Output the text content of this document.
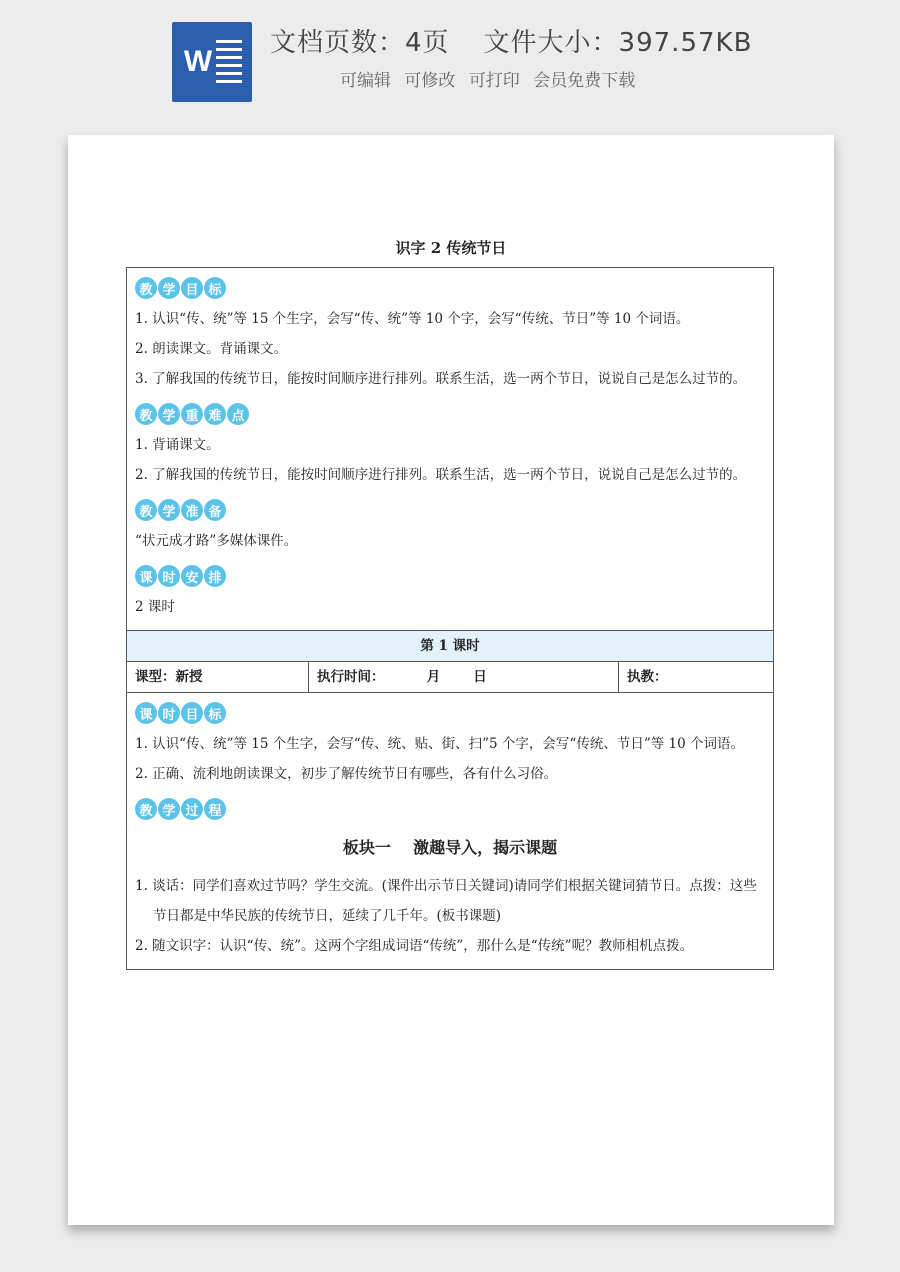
W
文档页数：4页 文件大小：397.57KB
可编辑 可修改 可打印 会员免费下载
识字 2 传统节日
教 学 目 标
1. 认识“传、统”等 15 个生字，会写“传、统”等 10 个字，会写“传统、节日”等 10 个词语。
2. 朗读课文。背诵课文。
3. 了解我国的传统节日，能按时间顺序进行排列。联系生活，选一两个节日，说说自己是怎么过节的。
教 学 重 难 点
1. 背诵课文。
2. 了解我国的传统节日，能按时间顺序进行排列。联系生活，选一两个节日，说说自己是怎么过节的。
教 学 准 备
“状元成才路”多媒体课件。
课 时 安 排
2 课时
第 1 课时
课型：新授	执行时间：         月       日	执教：
课 时 目 标
1. 认识“传、统”等 15 个生字，会写“传、统、贴、街、扫”5 个字，会写“传统、节日”等 10 个词语。
2. 正确、流利地朗读课文，初步了解传统节日有哪些，各有什么习俗。
教 学 过 程
板块一    激趣导入，揭示课题
1. 谈话：同学们喜欢过节吗？学生交流。(课件出示节日关键词)请同学们根据关键词猜节日。点拨：这些节日都是中华民族的传统节日，延续了几千年。(板书课题)
2. 随文识字：认识“传、统”。这两个字组成词语“传统”，那什么是“传统”呢？教师相机点拨。
